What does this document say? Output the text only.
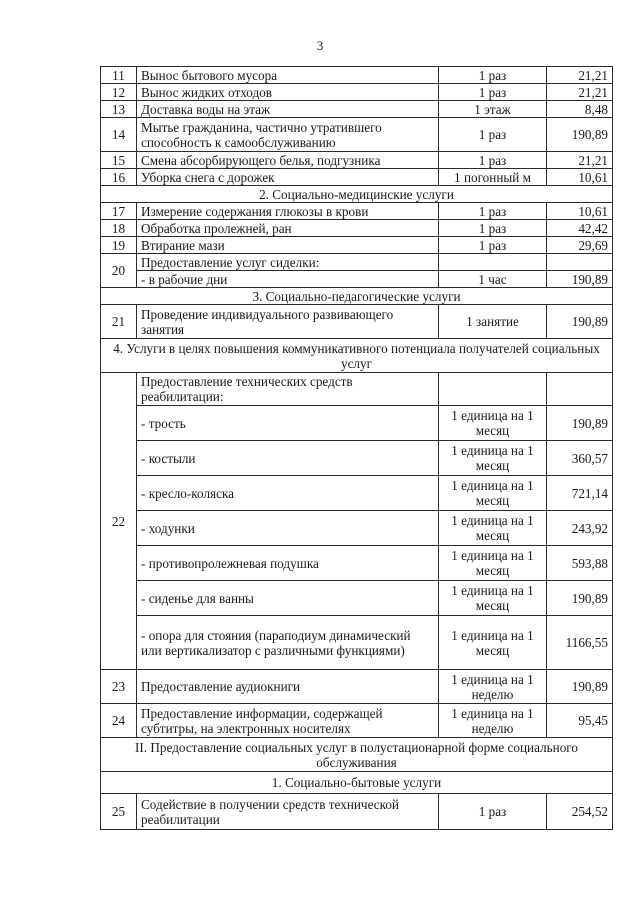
3
11	Вынос бытового мусора	1 раз	21,21
12	Вынос жидких отходов	1 раз	21,21
13	Доставка воды на этаж	1 этаж	8,48
14	Мытье гражданина, частично утратившего способность к самообслуживанию	1 раз	190,89
15	Смена абсорбирующего белья, подгузника	1 раз	21,21
16	Уборка снега с дорожек	1 погонный м	10,61
2. Социально-медицинские услуги			
17	Измерение содержания глюкозы в крови	1 раз	10,61
18	Обработка пролежней, ран	1 раз	42,42
19	Втирание мази	1 раз	29,69
20	Предоставление услуг сиделки:		
	- в рабочие дни	1 час	190,89
3. Социально-педагогические услуги			
21	Проведение индивидуального развивающего занятия	1 занятие	190,89
4. Услуги в целях повышения коммуникативного потенциала получателей социальных услуг			
22	Предоставление технических средств реабилитации:		
	- трость	1 единица на 1 месяц	190,89
	- костыли	1 единица на 1 месяц	360,57
	- кресло-коляска	1 единица на 1 месяц	721,14
	- ходунки	1 единица на 1 месяц	243,92
	- противопролежневая подушка	1 единица на 1 месяц	593,88
	- сиденье для ванны	1 единица на 1 месяц	190,89
	- опора для стояния (параподиум динамический или вертикализатор с различными функциями)	1 единица на 1 месяц	1166,55
23	Предоставление аудиокниги	1 единица на 1 неделю	190,89
24	Предоставление информации, содержащей субтитры, на электронных носителях	1 единица на 1 неделю	95,45
II. Предоставление социальных услуг в полустационарной форме социального обслуживания			
1. Социально-бытовые услуги			
25	Содействие в получении средств технической реабилитации	1 раз	254,52
